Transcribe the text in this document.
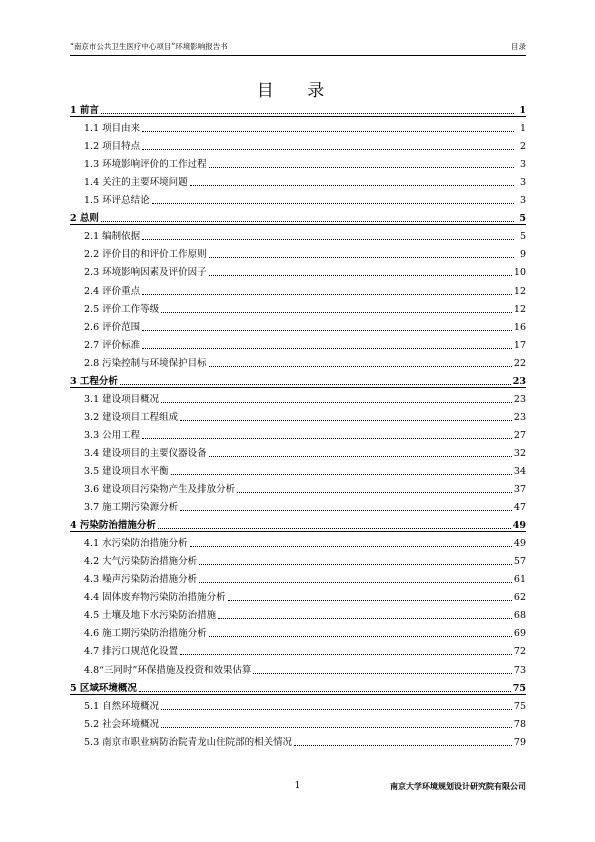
“南京市公共卫生医疗中心项目”环境影响报告书	目录
目 录
1 前言	1
1.1 项目由来	1
1.2 项目特点	2
1.3 环境影响评价的工作过程	3
1.4 关注的主要环境问题	3
1.5 环评总结论	3
2 总则	5
2.1 编制依据	5
2.2 评价目的和评价工作原则	9
2.3 环境影响因素及评价因子	10
2.4 评价重点	12
2.5 评价工作等级	12
2.6 评价范围	16
2.7 评价标准	17
2.8 污染控制与环境保护目标	22
3 工程分析	23
3.1 建设项目概况	23
3.2 建设项目工程组成	23
3.3 公用工程	27
3.4 建设项目的主要仪器设备	32
3.5 建设项目水平衡	34
3.6 建设项目污染物产生及排放分析	37
3.7 施工期污染源分析	47
4 污染防治措施分析	49
4.1 水污染防治措施分析	49
4.2 大气污染防治措施分析	57
4.3 噪声污染防治措施分析	61
4.4 固体废弃物污染防治措施分析	62
4.5 土壤及地下水污染防治措施	68
4.6 施工期污染防治措施分析	69
4.7 排污口规范化设置	72
4.8“三同时”环保措施及投资和效果估算	73
5 区域环境概况	75
5.1 自然环境概况	75
5.2 社会环境概况	78
5.3 南京市职业病防治院青龙山住院部的相关情况	79
1	南京大学环境规划设计研究院有限公司
